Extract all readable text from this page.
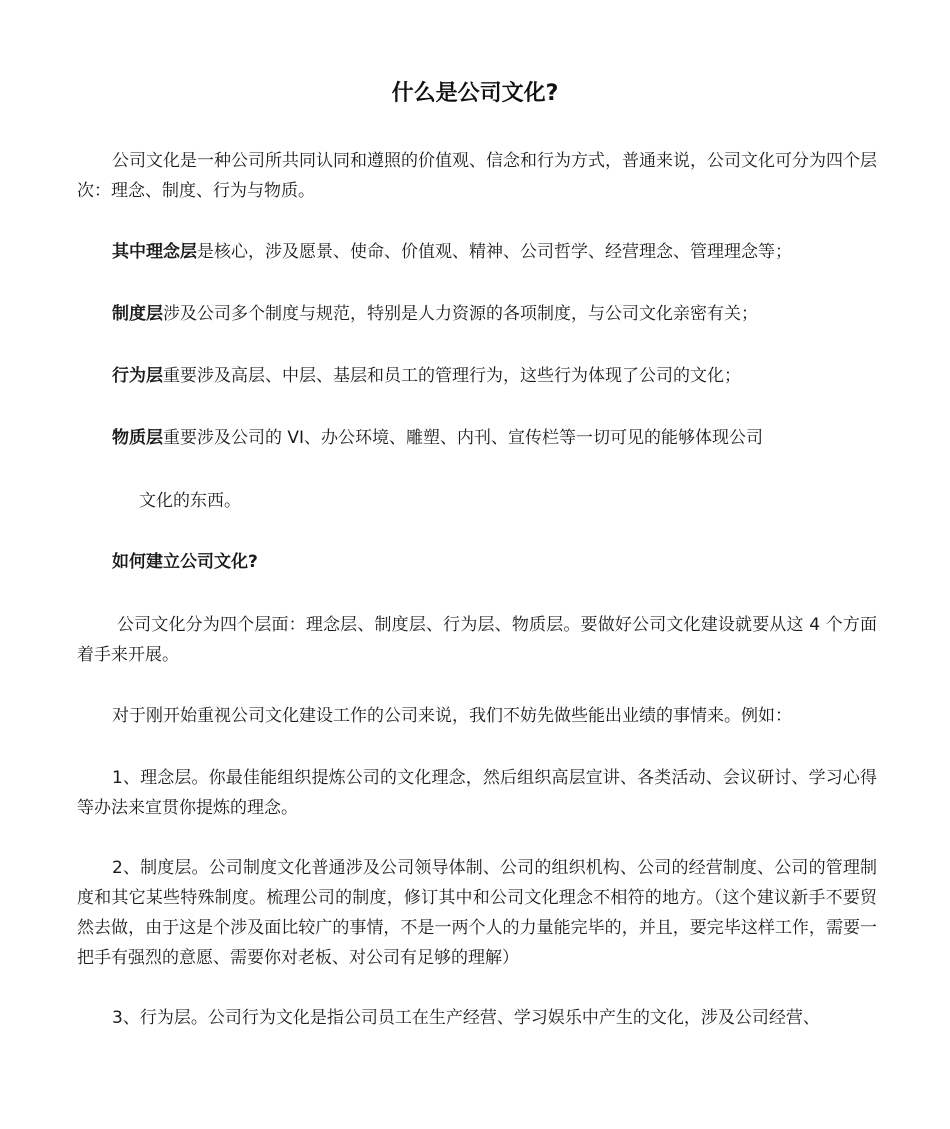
什么是公司文化?

公司文化是一种公司所共同认同和遵照的价值观、信念和行为方式，普通来说，公司文化可分为四个层次：理念、制度、行为与物质。

其中理念层是核心，涉及愿景、使命、价值观、精神、公司哲学、经营理念、管理理念等；

制度层涉及公司多个制度与规范，特别是人力资源的各项制度，与公司文化亲密有关；

行为层重要涉及高层、中层、基层和员工的管理行为，这些行为体现了公司的文化；

物质层重要涉及公司的 VI、办公环境、雕塑、内刊、宣传栏等一切可见的能够体现公司

文化的东西。

如何建立公司文化?

公司文化分为四个层面：理念层、制度层、行为层、物质层。要做好公司文化建设就要从这 4 个方面着手来开展。

对于刚开始重视公司文化建设工作的公司来说，我们不妨先做些能出业绩的事情来。例如：

1、理念层。你最佳能组织提炼公司的文化理念，然后组织高层宣讲、各类活动、会议研讨、学习心得等办法来宣贯你提炼的理念。

2、制度层。公司制度文化普通涉及公司领导体制、公司的组织机构、公司的经营制度、公司的管理制度和其它某些特殊制度。梳理公司的制度，修订其中和公司文化理念不相符的地方。（这个建议新手不要贸然去做，由于这是个涉及面比较广的事情，不是一两个人的力量能完毕的，并且，要完毕这样工作，需要一把手有强烈的意愿、需要你对老板、对公司有足够的理解）

3、行为层。公司行为文化是指公司员工在生产经营、学习娱乐中产生的文化，涉及公司经营、
